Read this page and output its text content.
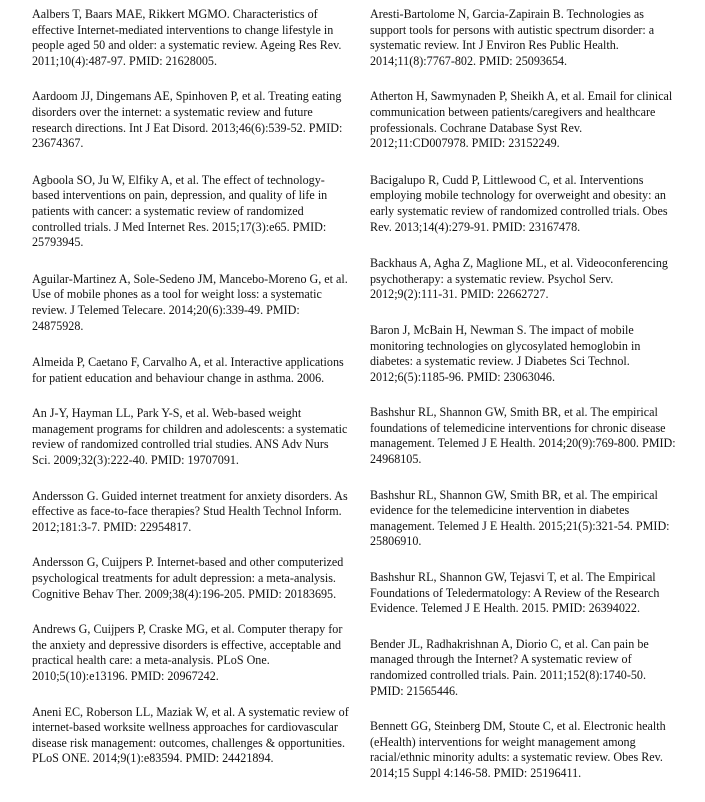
Aalbers T, Baars MAE, Rikkert MGMO. Characteristics of effective Internet-mediated interventions to change lifestyle in people aged 50 and older: a systematic review. Ageing Res Rev. 2011;10(4):487-97. PMID: 21628005.

Aardoom JJ, Dingemans AE, Spinhoven P, et al. Treating eating disorders over the internet: a systematic review and future research directions. Int J Eat Disord. 2013;46(6):539-52. PMID: 23674367.

Agboola SO, Ju W, Elfiky A, et al. The effect of technology-based interventions on pain, depression, and quality of life in patients with cancer: a systematic review of randomized controlled trials. J Med Internet Res. 2015;17(3):e65. PMID: 25793945.

Aguilar-Martinez A, Sole-Sedeno JM, Mancebo-Moreno G, et al. Use of mobile phones as a tool for weight loss: a systematic review. J Telemed Telecare. 2014;20(6):339-49. PMID: 24875928.

Almeida P, Caetano F, Carvalho A, et al. Interactive applications for patient education and behaviour change in asthma. 2006.

An J-Y, Hayman LL, Park Y-S, et al. Web-based weight management programs for children and adolescents: a systematic review of randomized controlled trial studies. ANS Adv Nurs Sci. 2009;32(3):222-40. PMID: 19707091.

Andersson G. Guided internet treatment for anxiety disorders. As effective as face-to-face therapies? Stud Health Technol Inform. 2012;181:3-7. PMID: 22954817.

Andersson G, Cuijpers P. Internet-based and other computerized psychological treatments for adult depression: a meta-analysis. Cognitive Behav Ther. 2009;38(4):196-205. PMID: 20183695.

Andrews G, Cuijpers P, Craske MG, et al. Computer therapy for the anxiety and depressive disorders is effective, acceptable and practical health care: a meta-analysis. PLoS One. 2010;5(10):e13196. PMID: 20967242.

Aneni EC, Roberson LL, Maziak W, et al. A systematic review of internet-based worksite wellness approaches for cardiovascular disease risk management: outcomes, challenges & opportunities. PLoS ONE. 2014;9(1):e83594. PMID: 24421894.

Aresti-Bartolome N, Garcia-Zapirain B. Technologies as support tools for persons with autistic spectrum disorder: a systematic review. Int J Environ Res Public Health. 2014;11(8):7767-802. PMID: 25093654.

Atherton H, Sawmynaden P, Sheikh A, et al. Email for clinical communication between patients/caregivers and healthcare professionals. Cochrane Database Syst Rev. 2012;11:CD007978. PMID: 23152249.

Bacigalupo R, Cudd P, Littlewood C, et al. Interventions employing mobile technology for overweight and obesity: an early systematic review of randomized controlled trials. Obes Rev. 2013;14(4):279-91. PMID: 23167478.

Backhaus A, Agha Z, Maglione ML, et al. Videoconferencing psychotherapy: a systematic review. Psychol Serv. 2012;9(2):111-31. PMID: 22662727.

Baron J, McBain H, Newman S. The impact of mobile monitoring technologies on glycosylated hemoglobin in diabetes: a systematic review. J Diabetes Sci Technol. 2012;6(5):1185-96. PMID: 23063046.

Bashshur RL, Shannon GW, Smith BR, et al. The empirical foundations of telemedicine interventions for chronic disease management. Telemed J E Health. 2014;20(9):769-800. PMID: 24968105.

Bashshur RL, Shannon GW, Smith BR, et al. The empirical evidence for the telemedicine intervention in diabetes management. Telemed J E Health. 2015;21(5):321-54. PMID: 25806910.

Bashshur RL, Shannon GW, Tejasvi T, et al. The Empirical Foundations of Teledermatology: A Review of the Research Evidence. Telemed J E Health. 2015. PMID: 26394022.

Bender JL, Radhakrishnan A, Diorio C, et al. Can pain be managed through the Internet? A systematic review of randomized controlled trials. Pain. 2011;152(8):1740-50. PMID: 21565446.

Bennett GG, Steinberg DM, Stoute C, et al. Electronic health (eHealth) interventions for weight management among racial/ethnic minority adults: a systematic review. Obes Rev. 2014;15 Suppl 4:146-58. PMID: 25196411.
